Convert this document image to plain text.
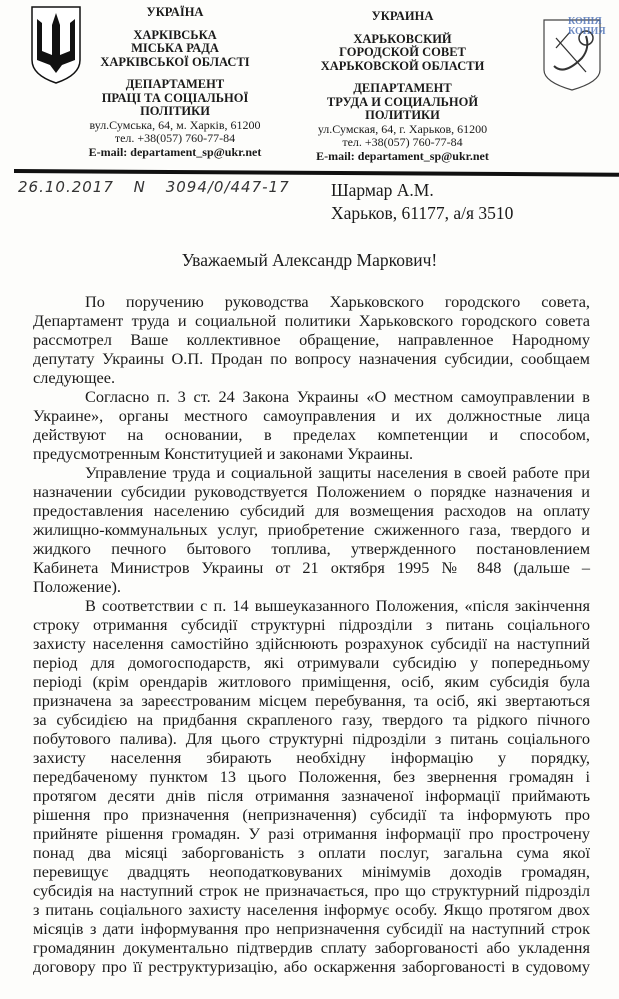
УКРАЇНА
ХАРКІВСЬКА
МІСЬКА РАДА
ХАРКІВСЬКОЇ ОБЛАСТІ
ДЕПАРТАМЕНТ
ПРАЦІ ТА СОЦІАЛЬНОЇ
ПОЛІТИКИ
вул.Сумська, 64, м. Харків, 61200
тел. +38(057) 760-77-84
E-mail: departament_sp@ukr.net
УКРАИНА
ХАРЬКОВСКИЙ
ГОРОДСКОЙ СОВЕТ
ХАРЬКОВСКОЙ ОБЛАСТИ
ДЕПАРТАМЕНТ
ТРУДА И СОЦИАЛЬНОЙ
ПОЛИТИКИ
ул.Сумская, 64, г. Харьков, 61200
тел. +38(057) 760-77-84
E-mail: departament_sp@ukr.net
КОПІЯ
КОПИЯ
26.10.2017 N 3094/0/447-17	Шармар А.М.
Харьков, 61177, а/я 3510
Уважаемый Александр Маркович!
По поручению руководства Харьковского городского совета,
Департамент труда и социальной политики Харьковского городского совета
рассмотрел Ваше коллективное обращение, направленное Народному
депутату Украины О.П. Продан по вопросу назначения субсидии, сообщаем
следующее.
Согласно п. 3 ст. 24 Закона Украины «О местном самоуправлении в
Украине», органы местного самоуправления и их должностные лица
действуют на основании, в пределах компетенции и способом,
предусмотренным Конституцией и законами Украины.
Управление труда и социальной защиты населения в своей работе при
назначении субсидии руководствуется Положением о порядке назначения и
предоставления населению субсидий для возмещения расходов на оплату
жилищно-коммунальных услуг, приобретение сжиженного газа, твердого и
жидкого печного бытового топлива, утвержденного постановлением
Кабинета Министров Украины от 21 октября 1995 № 848 (дальше –
Положение).
В соответствии с п. 14 вышеуказанного Положения, «після закінчення
строку отримання субсидії структурні підрозділи з питань соціального
захисту населення самостійно здійснюють розрахунок субсидії на наступний
період для домогосподарств, які отримували субсидію у попередньому
періоді (крім орендарів житлового приміщення, осіб, яким субсидія була
призначена за зареєстрованим місцем перебування, та осіб, які звертаються
за субсидією на придбання скрапленого газу, твердого та рідкого пічного
побутового палива). Для цього структурні підрозділи з питань соціального
захисту населення збирають необхідну інформацію у порядку,
передбаченому пунктом 13 цього Положення, без звернення громадян і
протягом десяти днів після отримання зазначеної інформації приймають
рішення про призначення (непризначення) субсидії та інформують про
прийняте рішення громадян. У разі отримання інформації про прострочену
понад два місяці заборгованість з оплати послуг, загальна сума якої
перевищує двадцять неоподатковуваних мінімумів доходів громадян,
субсидія на наступний строк не призначається, про що структурний підрозділ
з питань соціального захисту населення інформує особу. Якщо протягом двох
місяців з дати інформування про непризначення субсидії на наступний строк
громадянин документально підтвердив сплату заборгованості або укладення
договору про її реструктуризацію, або оскарження заборгованості в судовому
